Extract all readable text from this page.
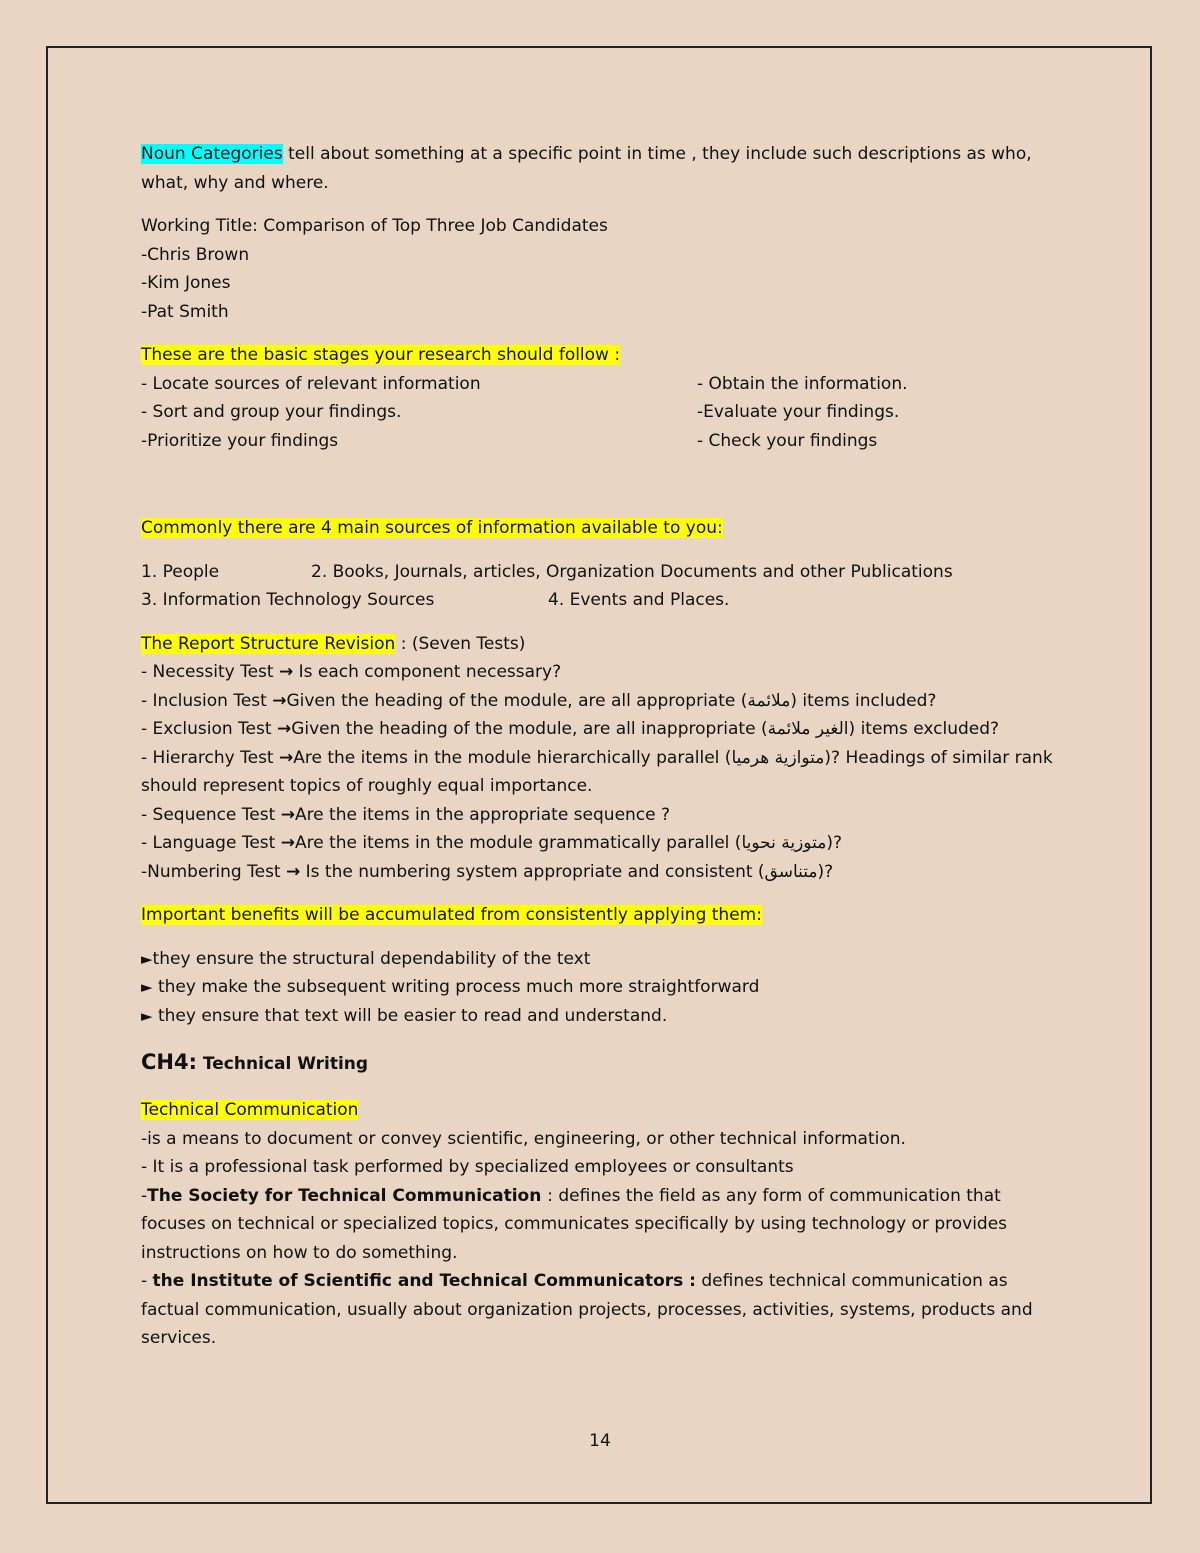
Noun Categories tell about something at a specific point in time , they include such descriptions as who, what, why and where.

Working Title: Comparison of Top Three Job Candidates

-Chris Brown

-Kim Jones

-Pat Smith

These are the basic stages your research should follow :

- Locate sources of relevant information	- Obtain the information.
- Sort and group your findings.	-Evaluate your findings.
-Prioritize your findings	- Check your findings

Commonly there are 4 main sources of information available to you:

1. People	2. Books, Journals, articles, Organization Documents and other Publications
3. Information Technology Sources	4. Events and Places.

The Report Structure Revision : (Seven Tests)

- Necessity Test → Is each component necessary?

- Inclusion Test →Given the heading of the module, are all appropriate (ملائمة) items included?

- Exclusion Test →Given the heading of the module, are all inappropriate (الغير ملائمة) items excluded?

- Hierarchy Test →Are the items in the module hierarchically parallel (متوازية هرميا)? Headings of similar rank should represent topics of roughly equal importance.

- Sequence Test →Are the items in the appropriate sequence ?

- Language Test →Are the items in the module grammatically parallel (متوزية نحويا)?

-Numbering Test → Is the numbering system appropriate and consistent (متناسق)?

Important benefits will be accumulated from consistently applying them:

►they ensure the structural dependability of the text

► they make the subsequent writing process much more straightforward

► they ensure that text will be easier to read and understand.

CH4: Technical Writing

Technical Communication

-is a means to document or convey scientific, engineering, or other technical information.

- It is a professional task performed by specialized employees or consultants

-The Society for Technical Communication : defines the field as any form of communication that focuses on technical or specialized topics, communicates specifically by using technology or provides instructions on how to do something.

- the Institute of Scientific and Technical Communicators : defines technical communication as factual communication, usually about organization projects, processes, activities, systems, products and services.

14
